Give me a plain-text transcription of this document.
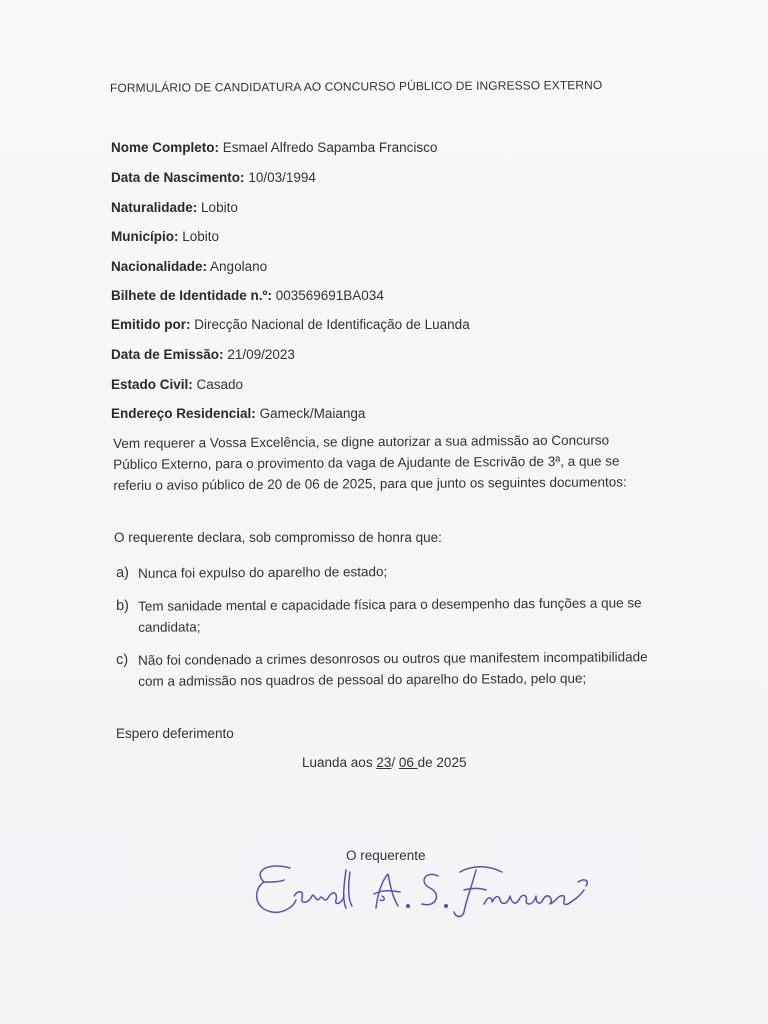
FORMULÁRIO DE CANDIDATURA AO CONCURSO PÚBLICO DE INGRESSO EXTERNO
Nome Completo: Esmael Alfredo Sapamba Francisco
Data de Nascimento: 10/03/1994
Naturalidade: Lobito
Município: Lobito
Nacionalidade: Angolano
Bilhete de Identidade n.º: 003569691BA034
Emitido por: Direcção Nacional de Identificação de Luanda
Data de Emissão: 21/09/2023
Estado Civil: Casado
Endereço Residencial: Gameck/Maianga
Vem requerer a Vossa Excelência, se digne autorizar a sua admissão ao Concurso Público Externo, para o provimento da vaga de Ajudante de Escrivão de 3ª, a que se referiu o aviso público de 20 de 06 de 2025, para que junto os seguintes documentos:
O requerente declara, sob compromisso de honra que:
a) Nunca foi expulso do aparelho de estado;
b) Tem sanidade mental e capacidade física para o desempenho das funções a que se candidata;
c) Não foi condenado a crimes desonrosos ou outros que manifestem incompatibilidade com a admissão nos quadros de pessoal do aparelho do Estado, pelo que;
Espero deferimento
Luanda aos 23/ 06 de 2025
O requerente
